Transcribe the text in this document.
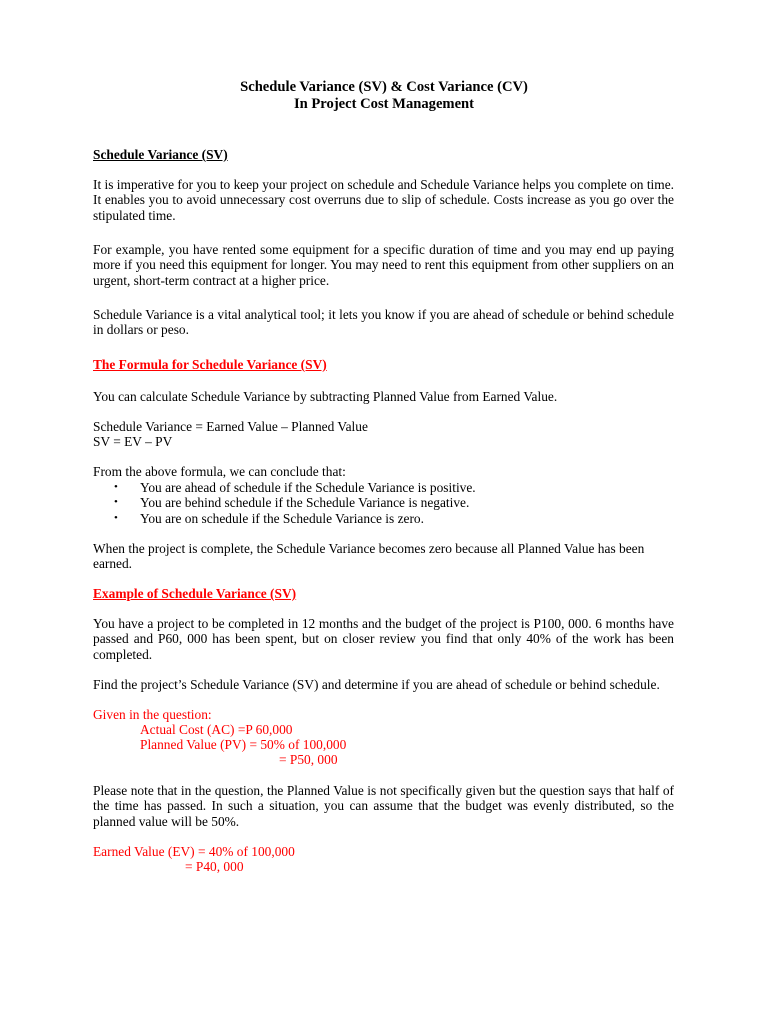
Schedule Variance (SV) & Cost Variance (CV)
In Project Cost Management
Schedule Variance (SV)
It is imperative for you to keep your project on schedule and Schedule Variance helps you complete on time. It enables you to avoid unnecessary cost overruns due to slip of schedule. Costs increase as you go over the stipulated time.
For example, you have rented some equipment for a specific duration of time and you may end up paying more if you need this equipment for longer. You may need to rent this equipment from other suppliers on an urgent, short-term contract at a higher price.
Schedule Variance is a vital analytical tool; it lets you know if you are ahead of schedule or behind schedule in dollars or peso.
The Formula for Schedule Variance (SV)
You can calculate Schedule Variance by subtracting Planned Value from Earned Value.
Schedule Variance = Earned Value – Planned Value
SV = EV – PV
From the above formula, we can conclude that:
• You are ahead of schedule if the Schedule Variance is positive.
• You are behind schedule if the Schedule Variance is negative.
• You are on schedule if the Schedule Variance is zero.
When the project is complete, the Schedule Variance becomes zero because all Planned Value has been earned.
Example of Schedule Variance (SV)
You have a project to be completed in 12 months and the budget of the project is P100, 000. 6 months have passed and P60, 000 has been spent, but on closer review you find that only 40% of the work has been completed.
Find the project’s Schedule Variance (SV) and determine if you are ahead of schedule or behind schedule.
Given in the question:
Actual Cost (AC) =P 60,000
Planned Value (PV) = 50% of 100,000
= P50, 000
Please note that in the question, the Planned Value is not specifically given but the question says that half of the time has passed. In such a situation, you can assume that the budget was evenly distributed, so the planned value will be 50%.
Earned Value (EV) = 40% of 100,000
= P40, 000
